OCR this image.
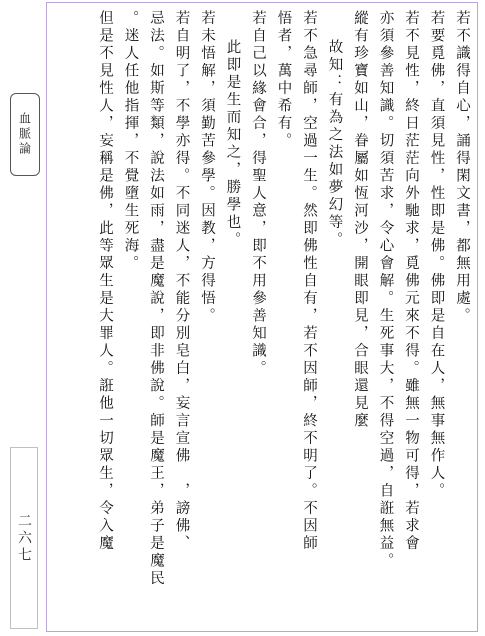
血脈論
二六七

若不識得自心，誦得閑文書，都無用處。

若要覓佛，直須見性，性即是佛。佛即是自在人，無事無作人。

若不見性，終日茫茫向外馳求，覓佛元來不得。雖無一物可得，若求會

亦須參善知識。切須苦求，令心會解。生死事大，不得空過，自誑無益。

縱有珍寶如山，眷屬如恆河沙，開眼即見，合眼還見麼

故知：有為之法如夢幻等。

若不急尋師，空過一生。然即佛性自有，若不因師，終不明了。不因師

悟者，萬中希有。

若自己以緣會合，得聖人意，即不用參善知識。

此即是生而知之，勝學也。

若未悟解，須勤苦參學。因教，方得悟。

若自明了，不學亦得。不同迷人，不能分別皂白，妄言宣佛　，謗佛、

忌法。如斯等類，說法如雨，盡是魔說，即非佛說。師是魔王，弟子是魔民

。迷人任他指揮，不覺墮生死海。

但是不見性人，妄稱是佛，此等眾生是大罪人。誑他一切眾生，令入魔
